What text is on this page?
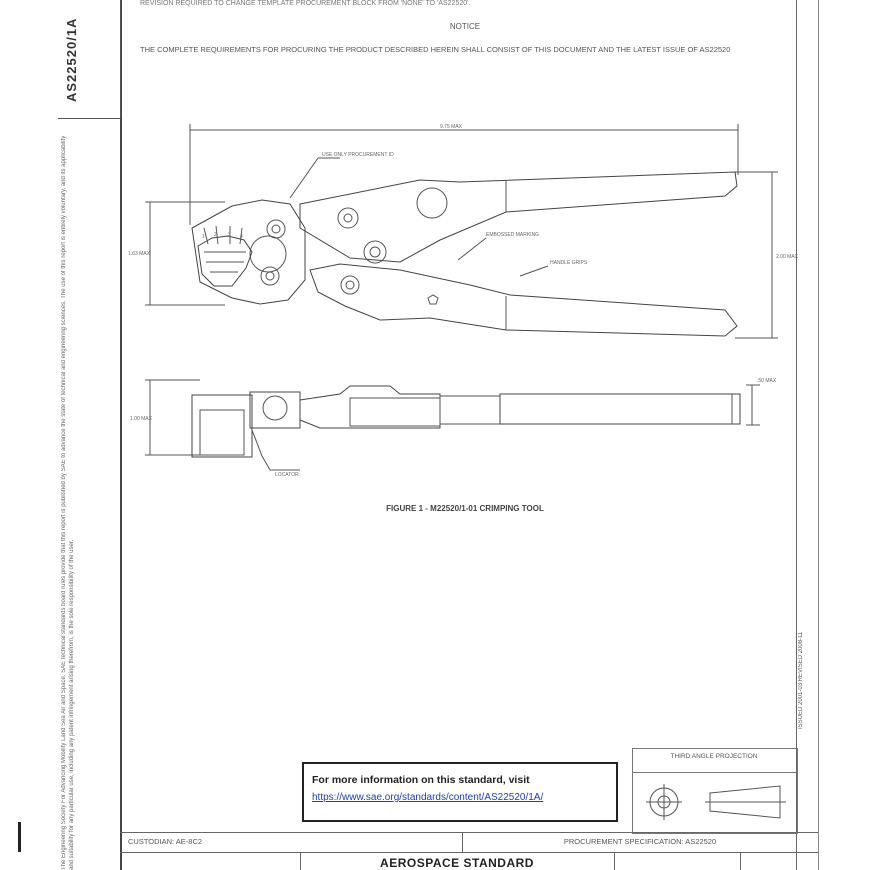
AS22520/1A
The Engineering Society For Advancing Mobility Land Sea Air and Space. SAE technical standards board rules provide that this report is published by SAE to advance the state of technical and engineering sciences. The use of this report is entirely voluntary, and its applicability and suitability for any particular use, including any patent infringement arising therefrom, is the sole responsibility of the user.	ISSUED 2001-03 REVISED 2008-11
REVISION REQUIRED TO CHANGE TEMPLATE PROCUREMENT BLOCK FROM 'NONE' TO 'AS22520'.
NOTICE
THE COMPLETE REQUIREMENTS FOR PROCURING THE PRODUCT DESCRIBED HEREIN SHALL CONSIST OF THIS DOCUMENT AND THE LATEST ISSUE OF AS22520
9.75 MAX
1.63 MAX	2.00 MAX
USE ONLY PROCUREMENT ID
EMBOSSED MARKING
HANDLE GRIPS
1.00 MAX
.50 MAX
LOCATOR
1 2 3 4
FIGURE 1 - M22520/1-01 CRIMPING TOOL
THIRD ANGLE PROJECTION
For more information on this standard, visit
https://www.sae.org/standards/content/AS22520/1A/
CUSTODIAN: AE-8C2	PROCUREMENT SPECIFICATION: AS22520
AEROSPACE STANDARD
